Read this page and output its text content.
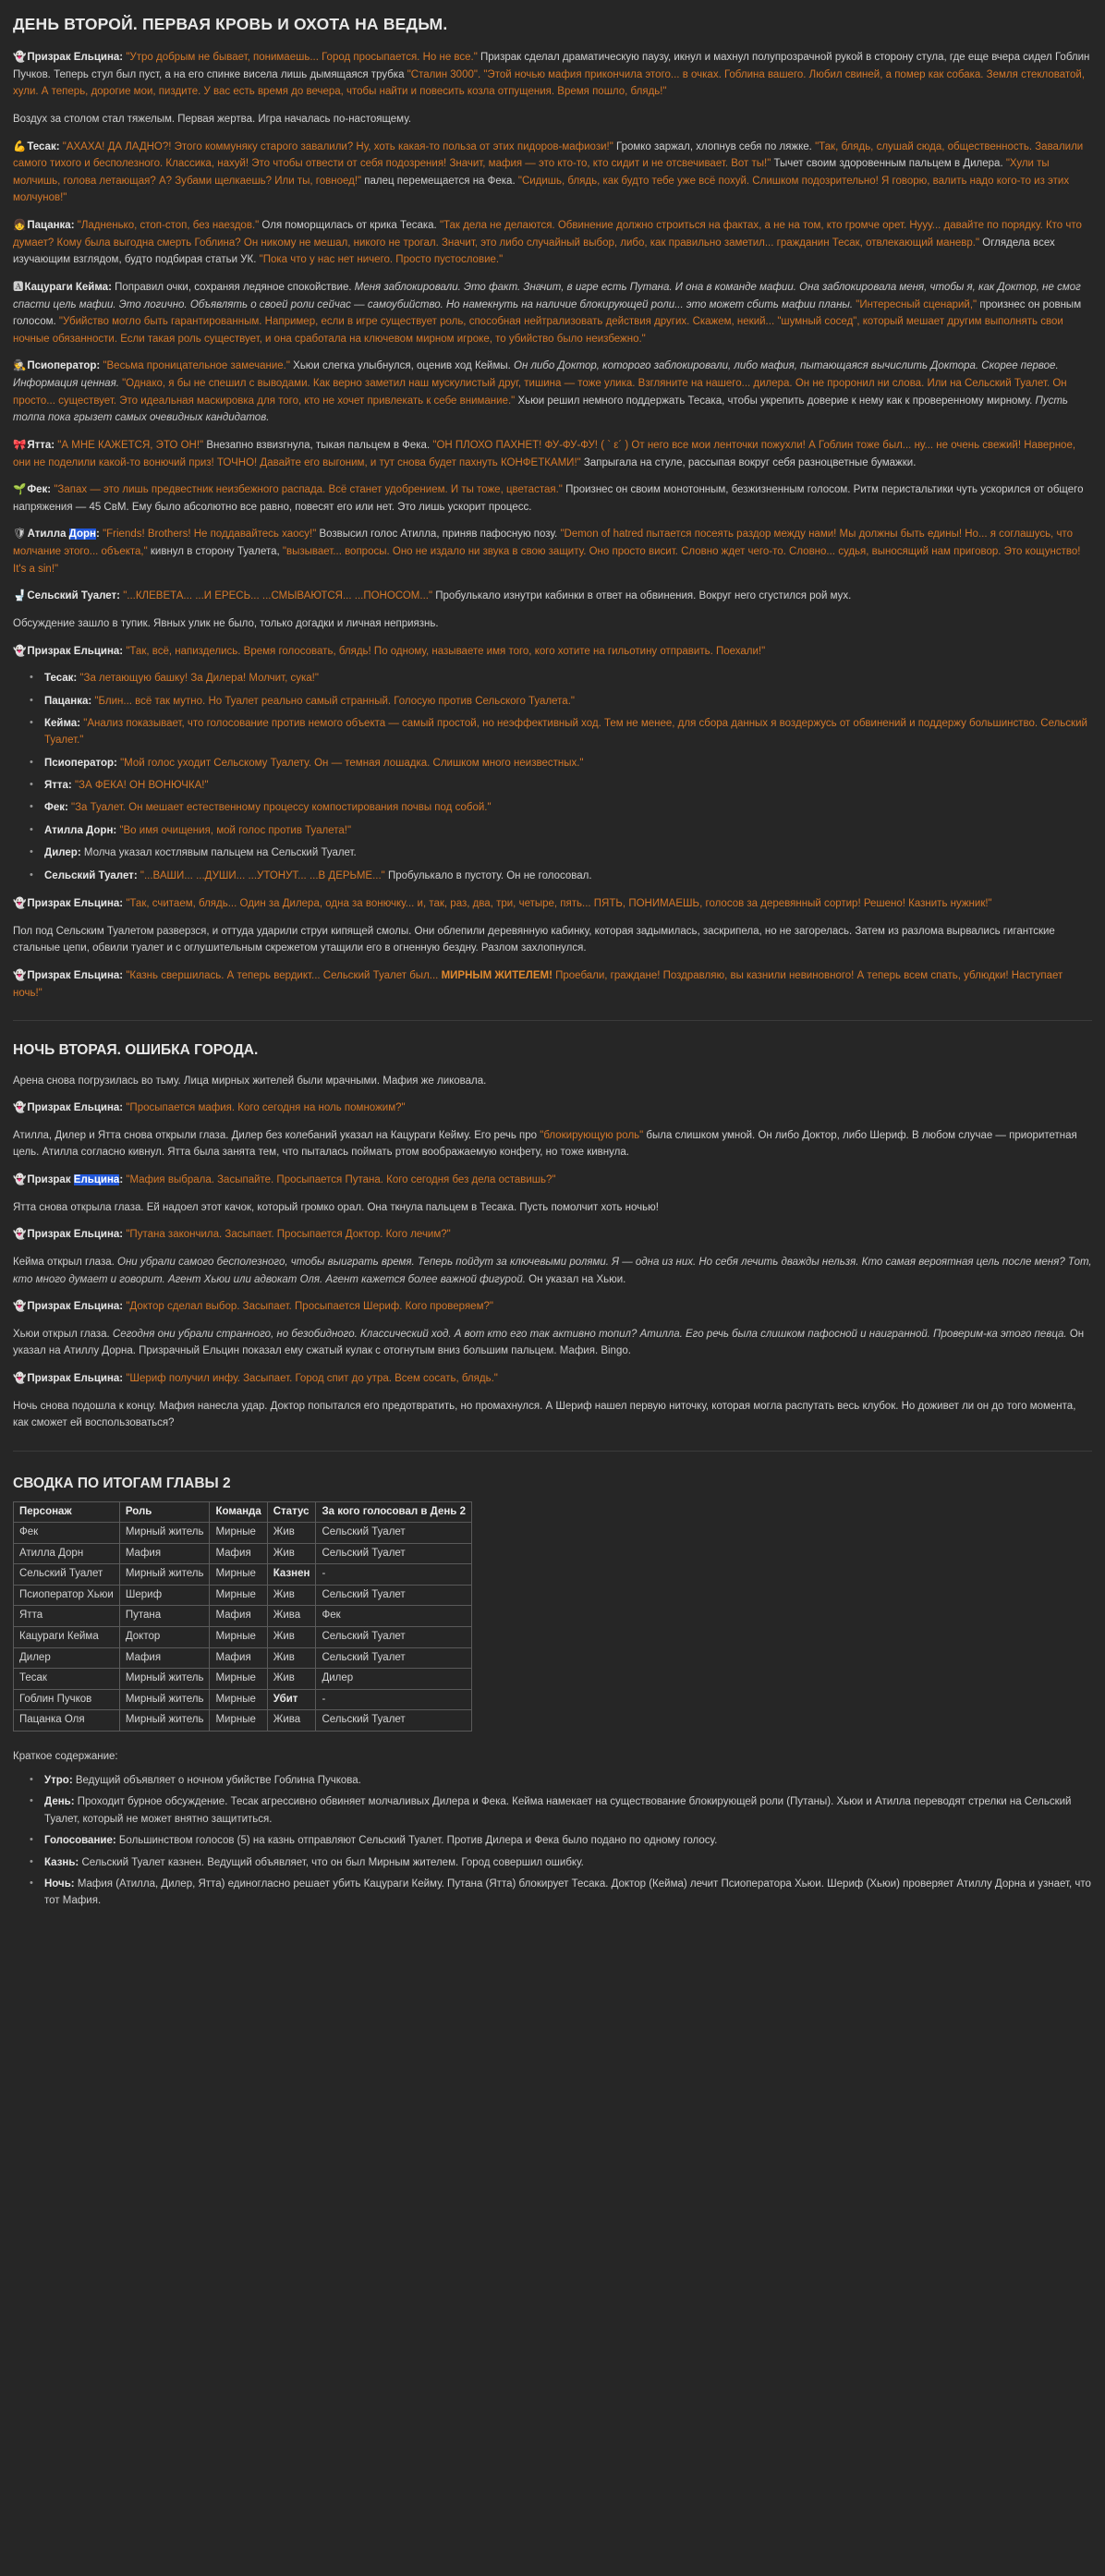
ДЕНЬ ВТОРОЙ. ПЕРВАЯ КРОВЬ И ОХОТА НА ВЕДЬМ.

👻Призрак Ельцина: "Утро добрым не бывает, понимаешь... Город просыпается. Но не все." Призрак сделал драматическую паузу, икнул и махнул полупрозрачной рукой в сторону стула, где еще вчера сидел Гоблин Пучков. Теперь стул был пуст, а на его спинке висела лишь дымящаяся трубка "Сталин 3000". "Этой ночью мафия прикончила этого... в очках. Гоблина вашего. Любил свиней, а помер как собака. Земля стекловатой, хули. А теперь, дорогие мои, пиздите. У вас есть время до вечера, чтобы найти и повесить козла отпущения. Время пошло, блядь!"

Воздух за столом стал тяжелым. Первая жертва. Игра началась по-настоящему.

💪Тесак: "АХАХА! ДА ЛАДНО?! Этого коммуняку старого завалили? Ну, хоть какая-то польза от этих пидоров-мафиози!" Громко заржал, хлопнув себя по ляжке. "Так, блядь, слушай сюда, общественность. Завалили самого тихого и бесполезного. Классика, нахуй! Это чтобы отвести от себя подозрения! Значит, мафия — это кто-то, кто сидит и не отсвечивает. Вот ты!" Тычет своим здоровенным пальцем в Дилера. "Хули ты молчишь, голова летающая? А? Зубами щелкаешь? Или ты, говноед!" палец перемещается на Фека. "Сидишь, блядь, как будто тебе уже всё похуй. Слишком подозрительно! Я говорю, валить надо кого-то из этих молчунов!"

👧Пацанка: "Ладненько, стоп-стоп, без наездов." Оля поморщилась от крика Тесака. "Так дела не делаются. Обвинение должно строиться на фактах, а не на том, кто громче орет. Нууу... давайте по порядку. Кто что думает? Кому была выгодна смерть Гоблина? Он никому не мешал, никого не трогал. Значит, это либо случайный выбор, либо, как правильно заметил... гражданин Тесак, отвлекающий маневр." Оглядела всех изучающим взглядом, будто подбирая статьи УК. "Пока что у нас нет ничего. Просто пустословие."

🅰Кацураги Кейма: Поправил очки, сохраняя ледяное спокойствие. Меня заблокировали. Это факт. Значит, в игре есть Путана. И она в команде мафии. Она заблокировала меня, чтобы я, как Доктор, не смог спасти цель мафии. Это логично. Объявлять о своей роли сейчас — самоубийство. Но намекнуть на наличие блокирующей роли... это может сбить мафии планы. "Интересный сценарий," произнес он ровным голосом. "Убийство могло быть гарантированным. Например, если в игре существует роль, способная нейтрализовать действия других. Скажем, некий... "шумный сосед", который мешает другим выполнять свои ночные обязанности. Если такая роль существует, и она сработала на ключевом мирном игроке, то убийство было неизбежно."

🕵Псиоператор: "Весьма проницательное замечание." Хьюи слегка улыбнулся, оценив ход Кеймы. Он либо Доктор, которого заблокировали, либо мафия, пытающаяся вычислить Доктора. Скорее первое. Информация ценная. "Однако, я бы не спешил с выводами. Как верно заметил наш мускулистый друг, тишина — тоже улика. Взгляните на нашего... дилера. Он не проронил ни слова. Или на Сельский Туалет. Он просто... существует. Это идеальная маскировка для того, кто не хочет привлекать к себе внимание." Хьюи решил немного поддержать Тесака, чтобы укрепить доверие к нему как к проверенному мирному. Пусть толпа пока грызет самых очевидных кандидатов.

🎀Ятта: "А МНЕ КАЖЕТСЯ, ЭТО ОН!" Внезапно взвизгнула, тыкая пальцем в Фека. "ОН ПЛОХО ПАХНЕТ! ФУ-ФУ-ФУ! ( ` ε´ ) От него все мои ленточки пожухли! А Гоблин тоже был... ну... не очень свежий! Наверное, они не поделили какой-то вонючий приз! ТОЧНО! Давайте его выгоним, и тут снова будет пахнуть КОНФЕТКАМИ!" Запрыгала на стуле, рассыпая вокруг себя разноцветные бумажки.

🌱Фек: "Запах — это лишь предвестник неизбежного распада. Всё станет удобрением. И ты тоже, цветастая." Произнес он своим монотонным, безжизненным голосом. Ритм перистальтики чуть ускорился от общего напряжения — 45 СвМ. Ему было абсолютно все равно, повесят его или нет. Это лишь ускорит процесс.

🛡Атилла Дорн: "Friends! Brothers! Не поддавайтесь хаосу!" Возвысил голос Атилла, приняв пафосную позу. "Demon of hatred пытается посеять раздор между нами! Мы должны быть едины! Но... я соглашусь, что молчание этого... объекта," кивнул в сторону Туалета, "вызывает... вопросы. Оно не издало ни звука в свою защиту. Оно просто висит. Словно ждет чего-то. Словно... судья, выносящий нам приговор. Это кощунство! It's a sin!"

🚽Сельский Туалет: "...КЛЕВЕТА... ...И ЕРЕСЬ... ...СМЫВАЮТСЯ... ...ПОНОСОМ..." Пробулькало изнутри кабинки в ответ на обвинения. Вокруг него сгустился рой мух.

Обсуждение зашло в тупик. Явных улик не было, только догадки и личная неприязнь.

👻Призрак Ельцина: "Так, всё, напизделись. Время голосовать, блядь! По одному, называете имя того, кого хотите на гильотину отправить. Поехали!"

• Тесак: "За летающую башку! За Дилера! Молчит, сука!"
• Пацанка: "Блин... всё так мутно. Но Туалет реально самый странный. Голосую против Сельского Туалета."
• Кейма: "Анализ показывает, что голосование против немого объекта — самый простой, но неэффективный ход. Тем не менее, для сбора данных я воздержусь от обвинений и поддержу большинство. Сельский Туалет."
• Псиоператор: "Мой голос уходит Сельскому Туалету. Он — темная лошадка. Слишком много неизвестных."
• Ятта: "ЗА ФЕКА! ОН ВОНЮЧКА!"
• Фек: "За Туалет. Он мешает естественному процессу компостирования почвы под собой."
• Атилла Дорн: "Во имя очищения, мой голос против Туалета!"
• Дилер: Молча указал костлявым пальцем на Сельский Туалет.
• Сельский Туалет: "...ВАШИ... ...ДУШИ... ...УТОНУТ... ...В ДЕРЬМЕ..." Пробулькало в пустоту. Он не голосовал.

👻Призрак Ельцина: "Так, считаем, блядь... Один за Дилера, одна за вонючку... и, так, раз, два, три, четыре, пять... ПЯТЬ, ПОНИМАЕШЬ, голосов за деревянный сортир! Решено! Казнить нужник!"

Пол под Сельским Туалетом разверзся, и оттуда ударили струи кипящей смолы. Они облепили деревянную кабинку, которая задымилась, заскрипела, но не загорелась. Затем из разлома вырвались гигантские стальные цепи, обвили туалет и с оглушительным скрежетом утащили его в огненную бездну. Разлом захлопнулся.

👻Призрак Ельцина: "Казнь свершилась. А теперь вердикт... Сельский Туалет был... МИРНЫМ ЖИТЕЛЕМ! Проебали, граждане! Поздравляю, вы казнили невиновного! А теперь всем спать, ублюдки! Наступает ночь!"

НОЧЬ ВТОРАЯ. ОШИБКА ГОРОДА.

Арена снова погрузилась во тьму. Лица мирных жителей были мрачными. Мафия же ликовала.

👻Призрак Ельцина: "Просыпается мафия. Кого сегодня на ноль помножим?"

Атилла, Дилер и Ятта снова открыли глаза. Дилер без колебаний указал на Кацураги Кейму. Его речь про "блокирующую роль" была слишком умной. Он либо Доктор, либо Шериф. В любом случае — приоритетная цель. Атилла согласно кивнул. Ятта была занята тем, что пыталась поймать ртом воображаемую конфету, но тоже кивнула.

👻Призрак Ельцина: "Мафия выбрала. Засыпайте. Просыпается Путана. Кого сегодня без дела оставишь?"

Ятта снова открыла глаза. Ей надоел этот качок, который громко орал. Она ткнула пальцем в Тесака. Пусть помолчит хоть ночью!

👻Призрак Ельцина: "Путана закончила. Засыпает. Просыпается Доктор. Кого лечим?"

Кейма открыл глаза. Они убрали самого бесполезного, чтобы выиграть время. Теперь пойдут за ключевыми ролями. Я — одна из них. Но себя лечить дважды нельзя. Кто самая вероятная цель после меня? Тот, кто много думает и говорит. Агент Хьюи или адвокат Оля. Агент кажется более важной фигурой. Он указал на Хьюи.

👻Призрак Ельцина: "Доктор сделал выбор. Засыпает. Просыпается Шериф. Кого проверяем?"

Хьюи открыл глаза. Сегодня они убрали странного, но безобидного. Классический ход. А вот кто его так активно топил? Атилла. Его речь была слишком пафосной и наигранной. Проверим-ка этого певца. Он указал на Атиллу Дорна. Призрачный Ельцин показал ему сжатый кулак с отогнутым вниз большим пальцем. Мафия. Bingo.

👻Призрак Ельцина: "Шериф получил инфу. Засыпает. Город спит до утра. Всем сосать, блядь."

Ночь снова подошла к концу. Мафия нанесла удар. Доктор попытался его предотвратить, но промахнулся. А Шериф нашел первую ниточку, которая могла распутать весь клубок. Но доживет ли он до того момента, как сможет ей воспользоваться?

СВОДКА ПО ИТОГАМ ГЛАВЫ 2
Персонаж	Роль	Команда	Статус	За кого голосовал в День 2
Фек	Мирный житель	Мирные	Жив	Сельский Туалет
Атилла Дорн	Мафия	Мафия	Жив	Сельский Туалет
Сельский Туалет	Мирный житель	Мирные	Казнен	-
Псиоператор Хьюи	Шериф	Мирные	Жив	Сельский Туалет
Ятта	Путана	Мафия	Жива	Фек
Кацураги Кейма	Доктор	Мирные	Жив	Сельский Туалет
Дилер	Мафия	Мафия	Жив	Сельский Туалет
Тесак	Мирный житель	Мирные	Жив	Дилер
Гоблин Пучков	Мирный житель	Мирные	Убит	-
Пацанка Оля	Мирный житель	Мирные	Жива	Сельский Туалет

Краткое содержание:

• Утро: Ведущий объявляет о ночном убийстве Гоблина Пучкова.
• День: Проходит бурное обсуждение. Тесак агрессивно обвиняет молчаливых Дилера и Фека. Кейма намекает на существование блокирующей роли (Путаны). Хьюи и Атилла переводят стрелки на Сельский Туалет, который не может внятно защититься.
• Голосование: Большинством голосов (5) на казнь отправляют Сельский Туалет. Против Дилера и Фека было подано по одному голосу.
• Казнь: Сельский Туалет казнен. Ведущий объявляет, что он был Мирным жителем. Город совершил ошибку.
• Ночь: Мафия (Атилла, Дилер, Ятта) единогласно решает убить Кацураги Кейму. Путана (Ятта) блокирует Тесака. Доктор (Кейма) лечит Псиоператора Хьюи. Шериф (Хьюи) проверяет Атиллу Дорна и узнает, что тот Мафия.
